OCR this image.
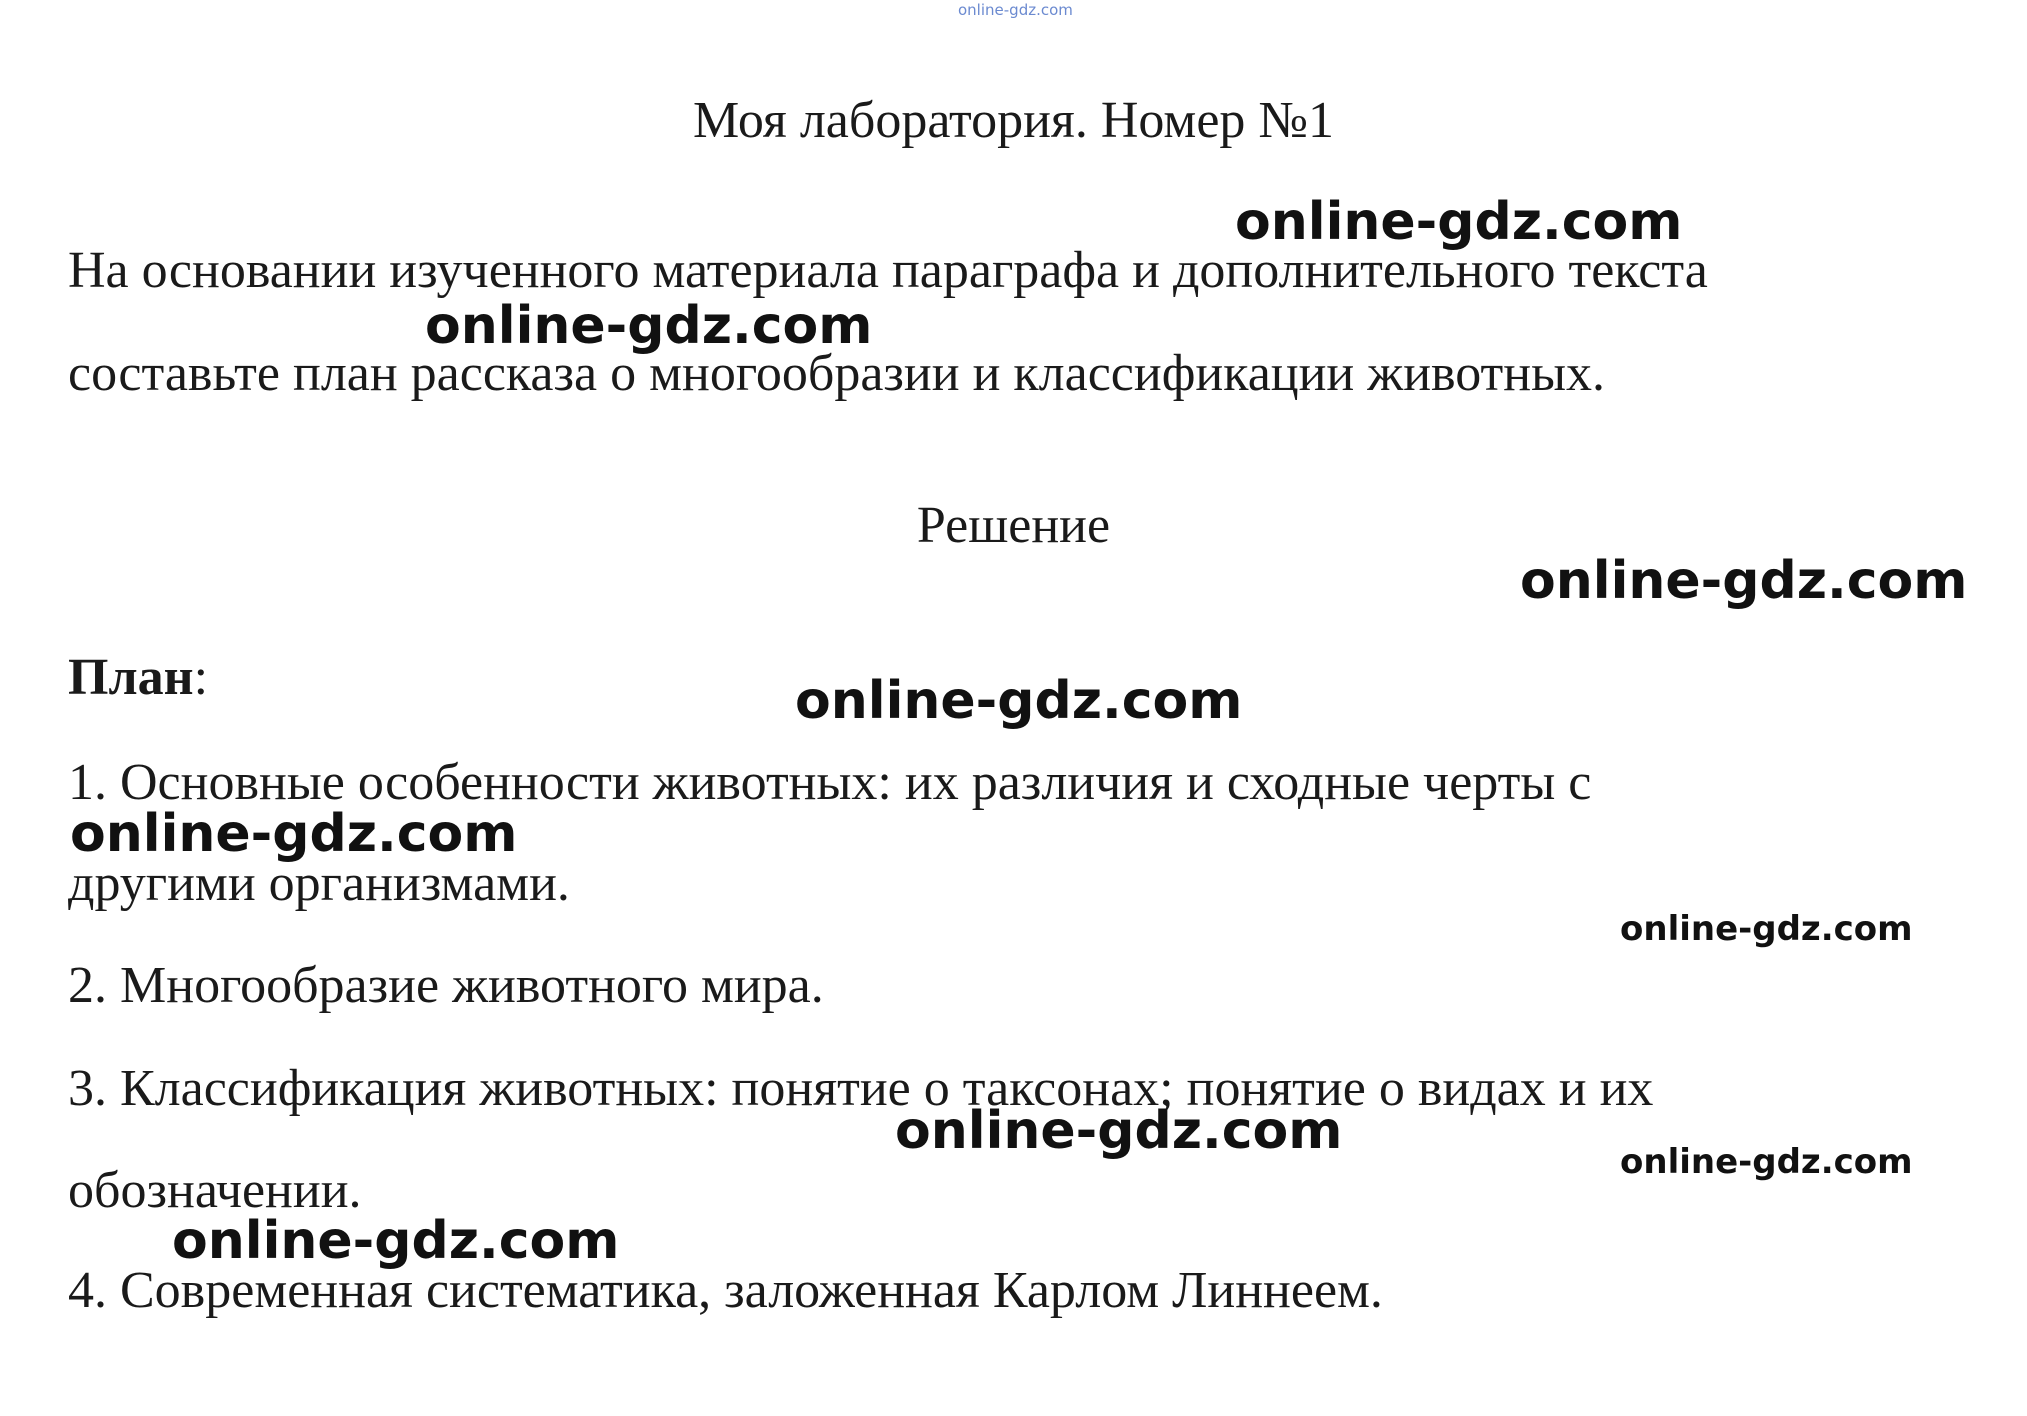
online-gdz.com
Моя лаборатория. Номер №1
На основании изученного материала параграфа и дополнительного текста
составьте план рассказа о многообразии и классификации животных.
Решение
План:
1. Основные особенности животных: их различия и сходные черты с
другими организмами.
2. Многообразие животного мира.
3. Классификация животных: понятие о таксонах; понятие о видах и их
обозначении.
4. Современная систематика, заложенная Карлом Линнеем.
online-gdz.com
online-gdz.com
online-gdz.com
online-gdz.com
online-gdz.com
online-gdz.com
online-gdz.com
online-gdz.com
online-gdz.com
